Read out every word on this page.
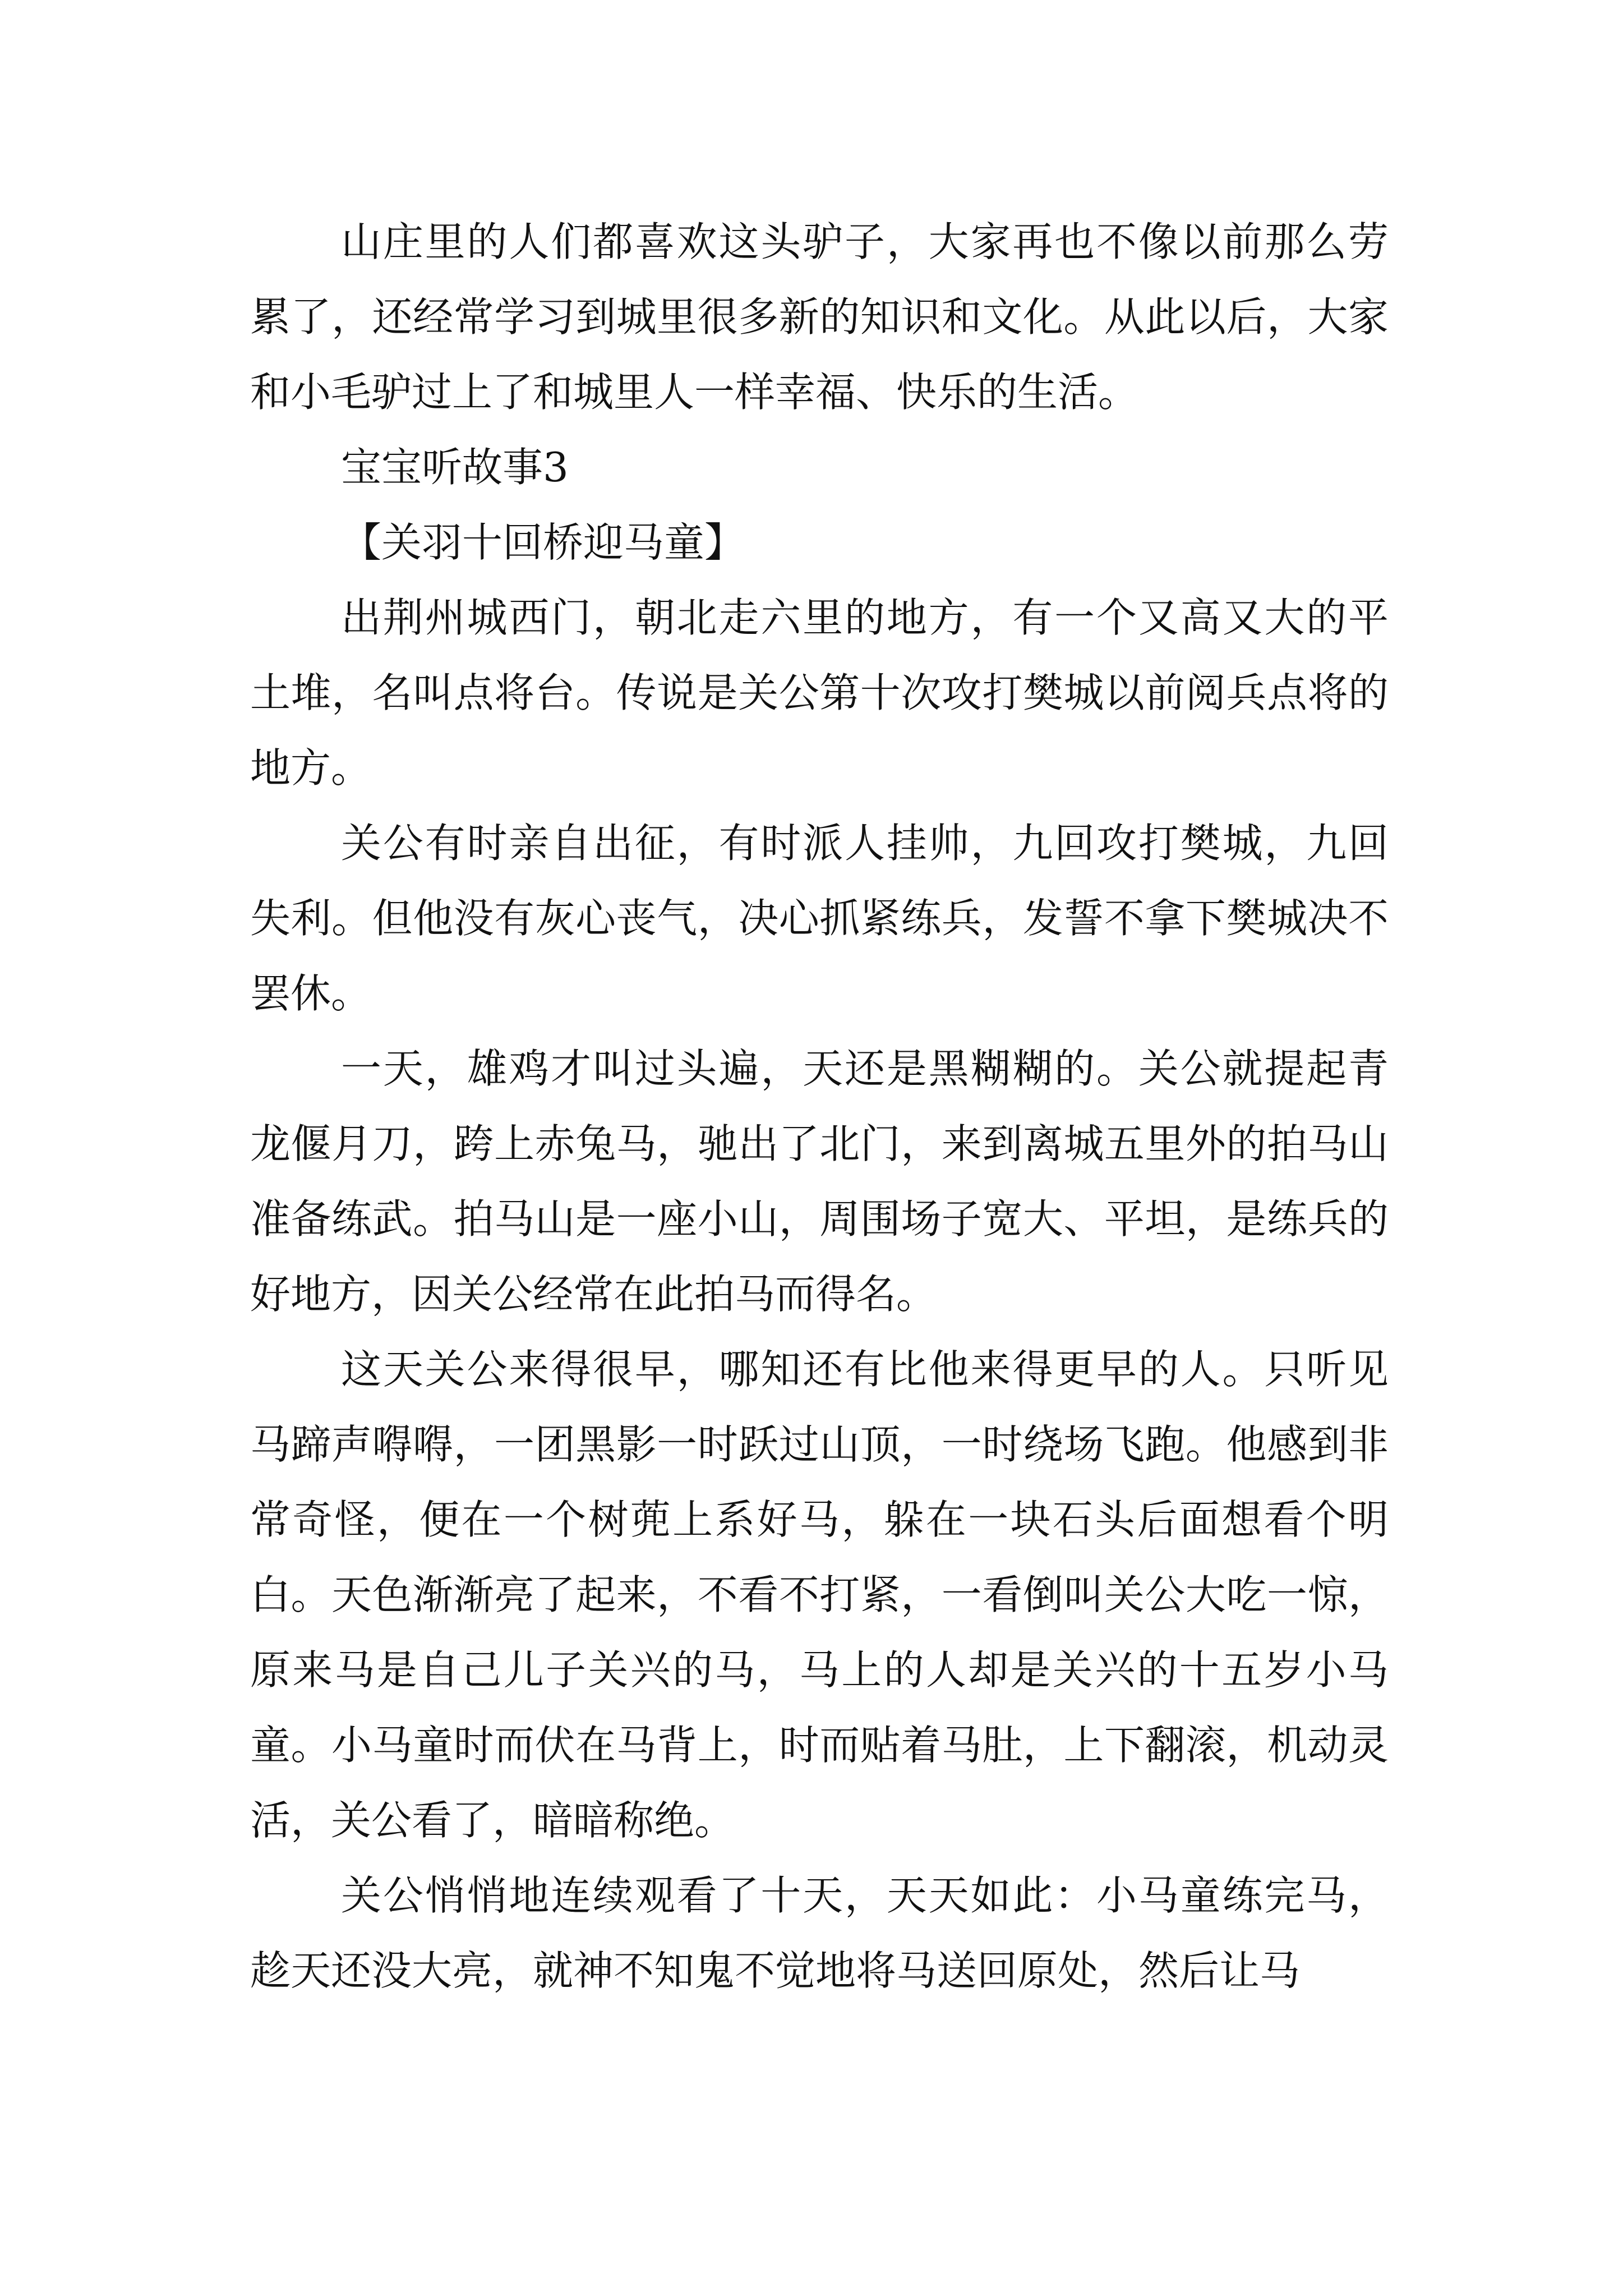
山庄里的人们都喜欢这头驴子，大家再也不像以前那么劳累了，还经常学习到城里很多新的知识和文化。从此以后，大家和小毛驴过上了和城里人一样幸福、快乐的生活。

宝宝听故事3

【关羽十回桥迎马童】

出荆州城西门，朝北走六里的地方，有一个又高又大的平土堆，名叫点将台。传说是关公第十次攻打樊城以前阅兵点将的地方。

关公有时亲自出征，有时派人挂帅，九回攻打樊城，九回失利。但他没有灰心丧气，决心抓紧练兵，发誓不拿下樊城决不罢休。

一天，雄鸡才叫过头遍，天还是黑糊糊的。关公就提起青龙偃月刀，跨上赤兔马，驰出了北门，来到离城五里外的拍马山准备练武。拍马山是一座小山，周围场子宽大、平坦，是练兵的好地方，因关公经常在此拍马而得名。

这天关公来得很早，哪知还有比他来得更早的人。只听见马蹄声嘚嘚，一团黑影一时跃过山顶，一时绕场飞跑。他感到非常奇怪，便在一个树蔸上系好马，躲在一块石头后面想看个明白。天色渐渐亮了起来，不看不打紧，一看倒叫关公大吃一惊，原来马是自己儿子关兴的马，马上的人却是关兴的十五岁小马童。小马童时而伏在马背上，时而贴着马肚，上下翻滚，机动灵活，关公看了，暗暗称绝。

关公悄悄地连续观看了十天，天天如此：小马童练完马，趁天还没大亮，就神不知鬼不觉地将马送回原处，然后让马
